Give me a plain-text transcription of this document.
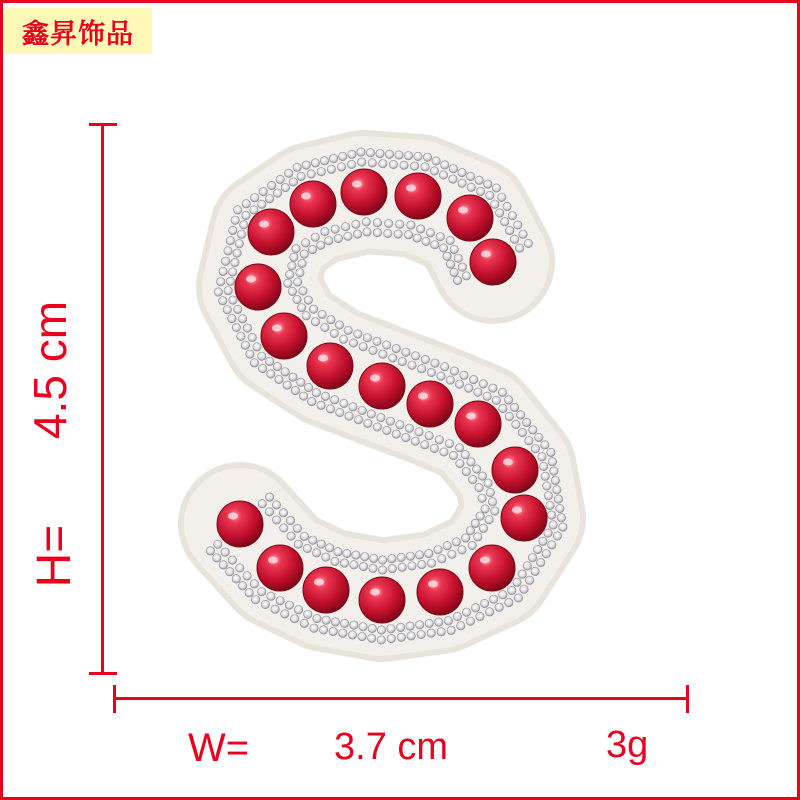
鑫昇饰品
H=
4.5 cm
W= 3.7 cm	3g
